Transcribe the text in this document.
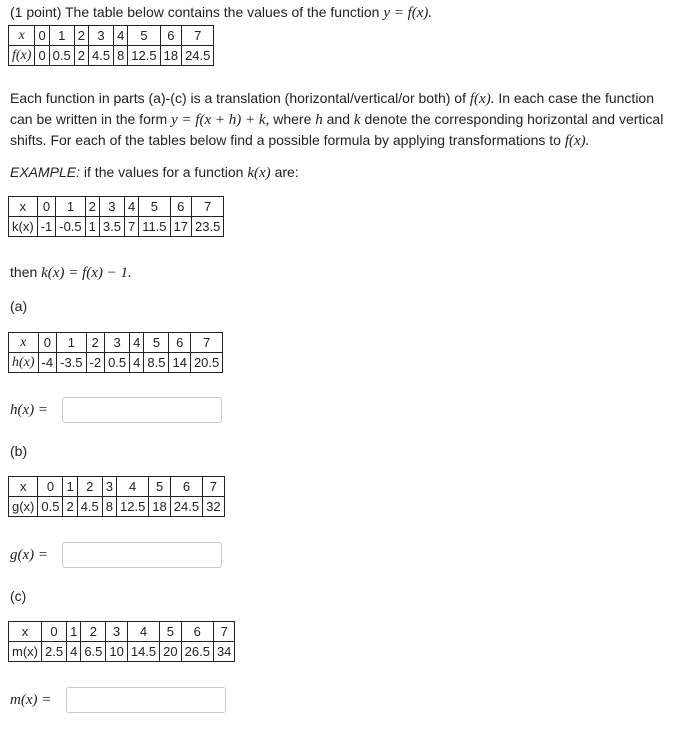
(1 point) The table below contains the values of the function y = f(x).
x	0	1	2	3	4	5	6	7
f(x)	0	0.5	2	4.5	8	12.5	18	24.5
Each function in parts (a)-(c) is a translation (horizontal/vertical/or both) of f(x). In each case the function can be written in the form y = f(x + h) + k, where h and k denote the corresponding horizontal and vertical shifts. For each of the tables below find a possible formula by applying transformations to f(x).
EXAMPLE: if the values for a function k(x) are:
x	0	1	2	3	4	5	6	7
k(x)	-1	-0.5	1	3.5	7	11.5	17	23.5
then k(x) = f(x) − 1.
(a)
x	0	1	2	3	4	5	6	7
h(x)	-4	-3.5	-2	0.5	4	8.5	14	20.5
h(x) =
(b)
x	0	1	2	3	4	5	6	7
g(x)	0.5	2	4.5	8	12.5	18	24.5	32
g(x) =
(c)
x	0	1	2	3	4	5	6	7
m(x)	2.5	4	6.5	10	14.5	20	26.5	34
m(x) =
